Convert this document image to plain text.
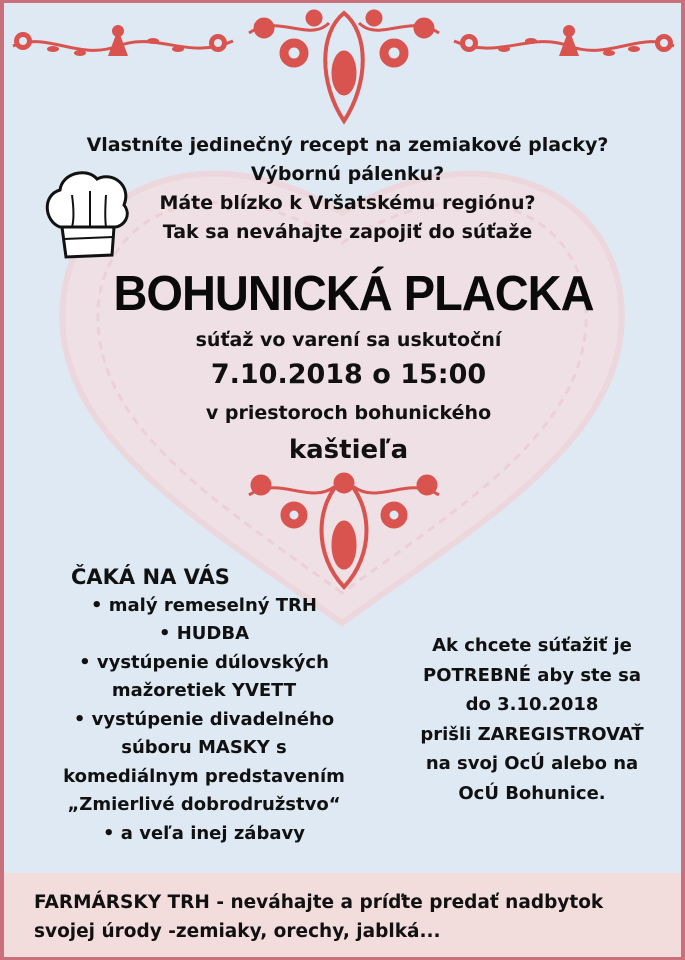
Vlastníte jedinečný recept na zemiakové placky?
Výbornú pálenku?
Máte blízko k Vršatskému regiónu?
Tak sa neváhajte zapojiť do súťaže
BOHUNICKÁ PLACKA
súťaž vo varení sa uskutoční
7.10.2018 o 15:00
v priestoroch bohunického
kaštieľa
ČAKÁ NA VÁS
• malý remeselný TRH
• HUDBA
• vystúpenie dúlovských
mažoretiek YVETT
• vystúpenie divadelného
súboru MASKY s
komediálnym predstavením
„Zmierlivé dobrodružstvo“
• a veľa inej zábavy
Ak chcete súťažiť je
POTREBNÉ aby ste sa
do 3.10.2018
prišli ZAREGISTROVAŤ
na svoj OcÚ alebo na
OcÚ Bohunice.
FARMÁRSKY TRH - neváhajte a príďte predať nadbytok
svojej úrody -zemiaky, orechy, jablká...
